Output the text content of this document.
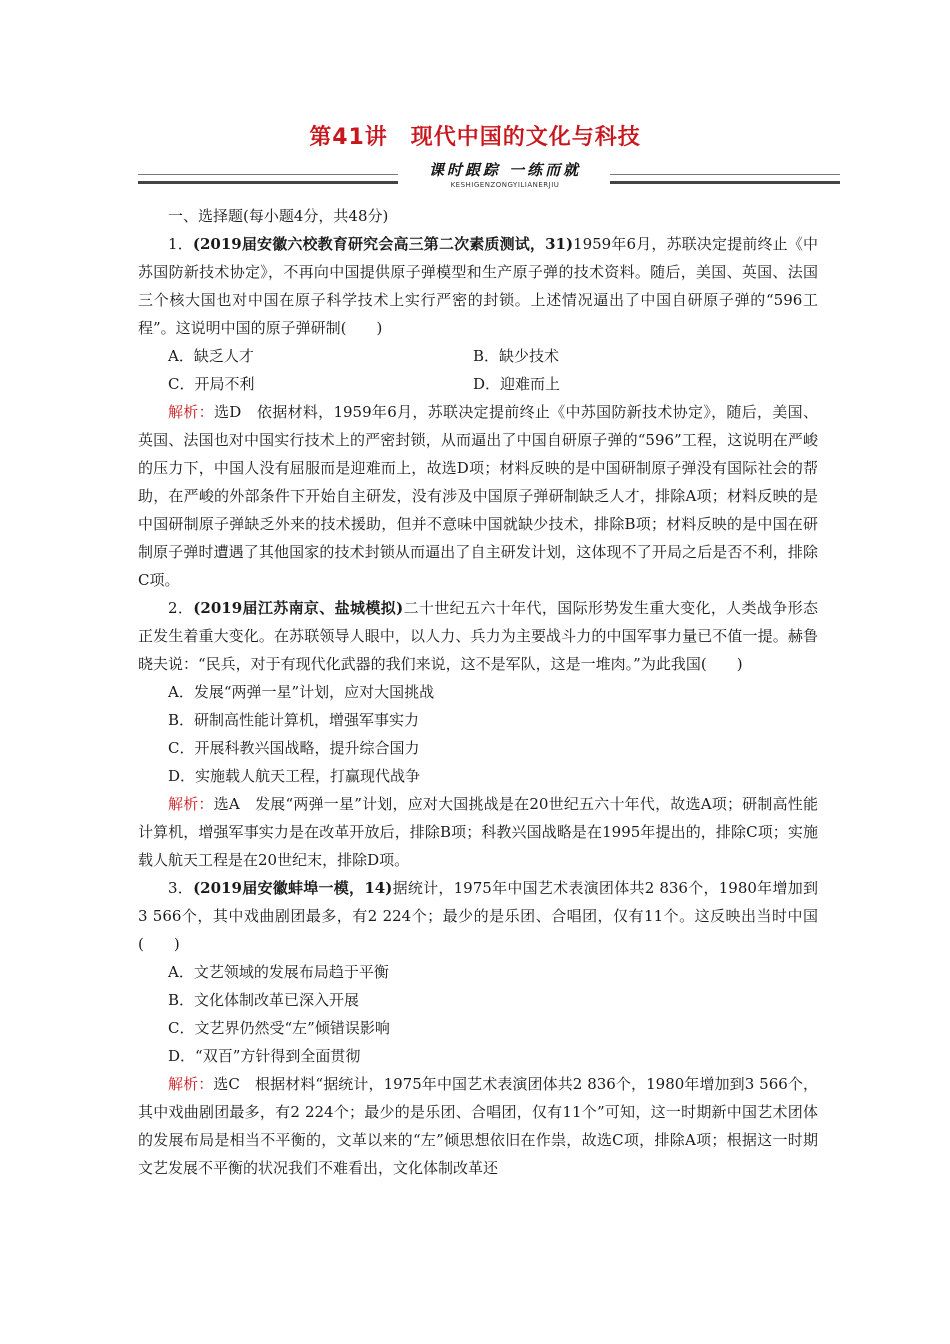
第41讲　现代中国的文化与科技
课时跟踪 一练而就
KESHIGENZONGYILIANERJIU

一、选择题(每小题4分，共48分)

1．(2019届安徽六校教育研究会高三第二次素质测试，31)1959年6月，苏联决定提前终止《中苏国防新技术协定》，不再向中国提供原子弹模型和生产原子弹的技术资料。随后，美国、英国、法国三个核大国也对中国在原子科学技术上实行严密的封锁。上述情况逼出了中国自研原子弹的“596工程”。这说明中国的原子弹研制(　　)

A．缺乏人才	B．缺少技术
C．开局不利	D．迎难而上

解析：选D　依据材料，1959年6月，苏联决定提前终止《中苏国防新技术协定》，随后，美国、英国、法国也对中国实行技术上的严密封锁，从而逼出了中国自研原子弹的“596”工程，这说明在严峻的压力下，中国人没有屈服而是迎难而上，故选D项；材料反映的是中国研制原子弹没有国际社会的帮助，在严峻的外部条件下开始自主研发，没有涉及中国原子弹研制缺乏人才，排除A项；材料反映的是中国研制原子弹缺乏外来的技术援助，但并不意味中国就缺少技术，排除B项；材料反映的是中国在研制原子弹时遭遇了其他国家的技术封锁从而逼出了自主研发计划，这体现不了开局之后是否不利，排除C项。

2．(2019届江苏南京、盐城模拟)二十世纪五六十年代，国际形势发生重大变化，人类战争形态正发生着重大变化。在苏联领导人眼中，以人力、兵力为主要战斗力的中国军事力量已不值一提。赫鲁晓夫说：“民兵，对于有现代化武器的我们来说，这不是军队，这是一堆肉。”为此我国(　　)

A．发展“两弹一星”计划，应对大国挑战
B．研制高性能计算机，增强军事实力
C．开展科教兴国战略，提升综合国力
D．实施载人航天工程，打赢现代战争

解析：选A　发展“两弹一星”计划，应对大国挑战是在20世纪五六十年代，故选A项；研制高性能计算机，增强军事实力是在改革开放后，排除B项；科教兴国战略是在1995年提出的，排除C项；实施载人航天工程是在20世纪末，排除D项。

3．(2019届安徽蚌埠一模，14)据统计，1975年中国艺术表演团体共2 836个，1980年增加到3 566个，其中戏曲剧团最多，有2 224个；最少的是乐团、合唱团，仅有11个。这反映出当时中国(　　)

A．文艺领域的发展布局趋于平衡
B．文化体制改革已深入开展
C．文艺界仍然受“左”倾错误影响
D．“双百”方针得到全面贯彻

解析：选C　根据材料“据统计，1975年中国艺术表演团体共2 836个，1980年增加到3 566个，其中戏曲剧团最多，有2 224个；最少的是乐团、合唱团，仅有11个”可知，这一时期新中国艺术团体的发展布局是相当不平衡的，文革以来的“左”倾思想依旧在作祟，故选C项，排除A项；根据这一时期文艺发展不平衡的状况我们不难看出，文化体制改革还
